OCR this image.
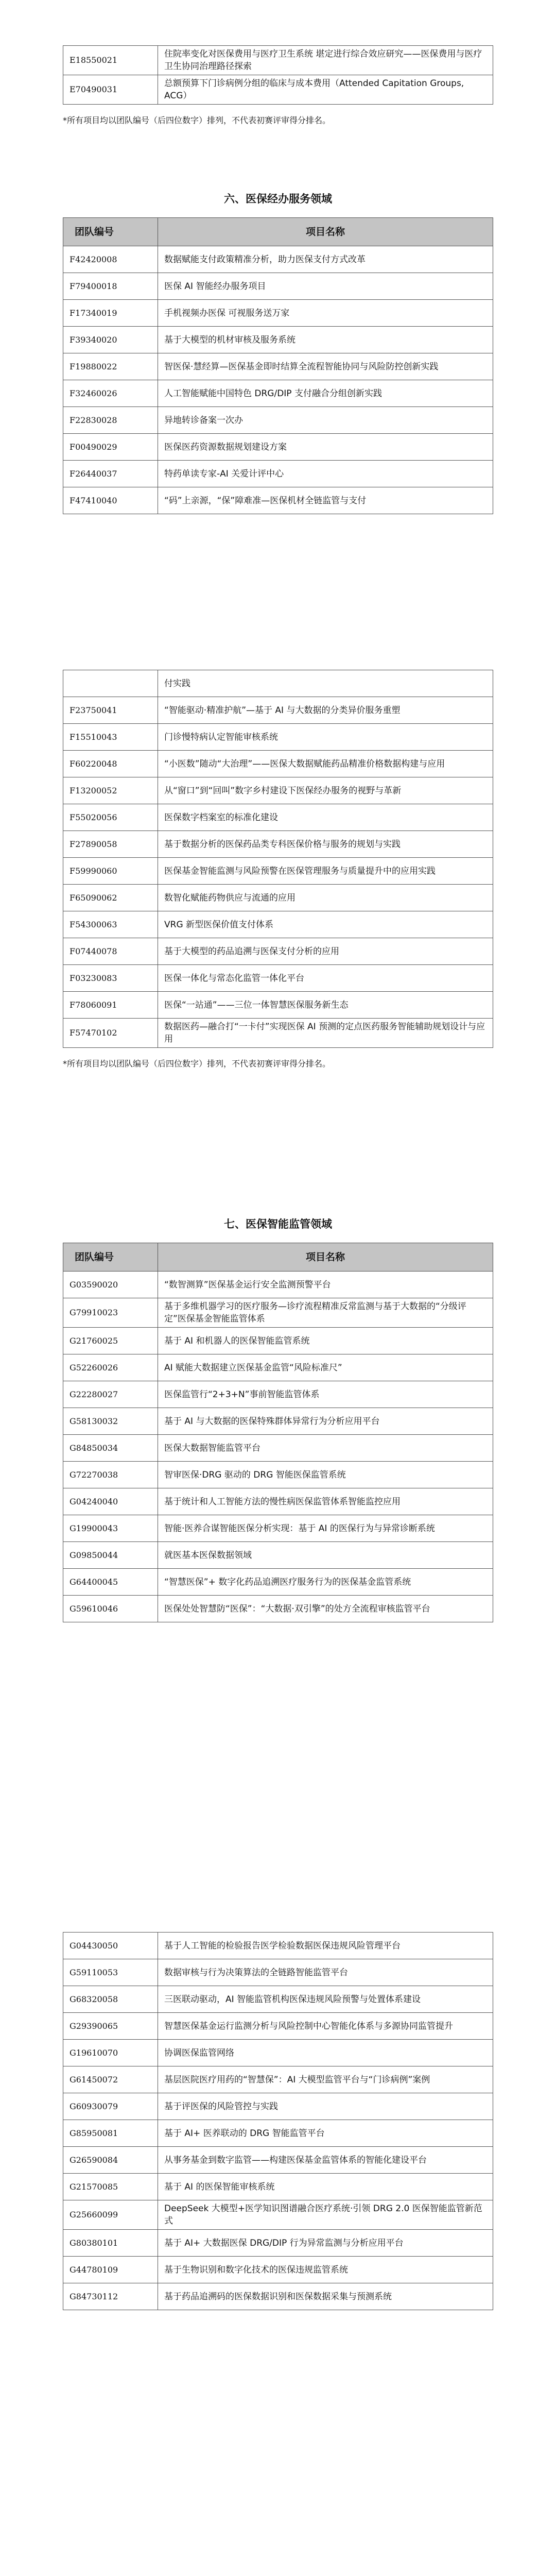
E18550021	住院率变化对医保费用与医疗卫生系统 堪定进行综合效应研究——医保费用与医疗卫生协同治理路径探索
E70490031	总额预算下门诊病例分组的临床与成本费用（Attended Capitation Groups, ACG）
*所有项目均以团队编号（后四位数字）排列，不代表初赛评审得分排名。
六、医保经办服务领域
团队编号	项目名称
F42420008	数据赋能支付政策精准分析，助力医保支付方式改革
F79400018	医保 AI 智能经办服务项目
F17340019	手机视频办医保 可视服务送万家
F39340020	基于大模型的机材审核及服务系统
F19880022	智医保·慧经算—医保基金即时结算全流程智能协同与风险防控创新实践
F32460026	人工智能赋能中国特色 DRG/DIP 支付融合分组创新实践
F22830028	异地转诊备案一次办
F00490029	医保医药资源数据规划建设方案
F26440037	特药单读专家-AI 关爱计评中心
F47410040	“码”上亲源，“保”障难准—医保机材全链监管与支付
	付实践
F23750041	“智能驱动·精准护航”—基于 AI 与大数据的分类异价服务重塑
F15510043	门诊慢特病认定智能审核系统
F60220048	“小医数”随动“大治理”——医保大数据赋能药品精准价格数据构建与应用
F13200052	从“窗口”到“回叫”数字乡村建设下医保经办服务的视野与革新
F55020056	医保数字档案室的标准化建设
F27890058	基于数据分析的医保药品类专科医保价格与服务的规划与实践
F59990060	医保基金智能监测与风险预警在医保管理服务与质量提升中的应用实践
F65090062	数智化赋能药物供应与流通的应用
F54300063	VRG 新型医保价值支付体系
F07440078	基于大模型的药品追溯与医保支付分析的应用
F03230083	医保一体化与常态化监管一体化平台
F78060091	医保“一站通”——三位一体智慧医保服务新生态
F57470102	数据医药—融合打“一卡付”实现医保 AI 预测的定点医药服务智能辅助规划设计与应用
*所有项目均以团队编号（后四位数字）排列，不代表初赛评审得分排名。
七、医保智能监管领域
团队编号	项目名称
G03590020	“数智测算”医保基金运行安全监测预警平台
G79910023	基于多维机器学习的医疗服务—诊疗流程精准反常监测与基于大数据的“分级评定”医保基金智能监管体系
G21760025	基于 AI 和机器人的医保智能监管系统
G52260026	AI 赋能大数据建立医保基金监管“风险标准尺”
G22280027	医保监管行“2+3+N”事前智能监管体系
G58130032	基于 AI 与大数据的医保特殊群体异常行为分析应用平台
G84850034	医保大数据智能监管平台
G72270038	智审医保·DRG 驱动的 DRG 智能医保监管系统
G04240040	基于统计和人工智能方法的慢性病医保监管体系智能监控应用
G19900043	智能·医养合谋智能医保分析实现：基于 AI 的医保行为与异常诊断系统
G09850044	就医基本医保数据领域
G64400045	“智慧医保”+ 数字化药品追溯医疗服务行为的医保基金监管系统
G59610046	医保处处智慧防“医保”：“大数据·双引擎”的处方全流程审核监管平台
G04430050	基于人工智能的检验报告医学检验数据医保违规风险管理平台
G59110053	数据审核与行为决策算法的全链路智能监管平台
G68320058	三医联动驱动，AI 智能监管机构医保违规风险预警与处置体系建设
G29390065	智慧医保基金运行监测分析与风险控制中心智能化体系与多源协同监管提升
G19610070	协调医保监管网络
G61450072	基层医院医疗用药的“智慧保”：AI 大模型监管平台与“门诊病例”案例
G60930079	基于评医保的风险管控与实践
G85950081	基于 AI+ 医养联动的 DRG 智能监管平台
G26590084	从事务基金到数字监管——构建医保基金监管体系的智能化建设平台
G21570085	基于 AI 的医保智能审核系统
G25660099	DeepSeek 大模型+医学知识图谱融合医疗系统·引领 DRG 2.0 医保智能监管新范式
G80380101	基于 AI+ 大数据医保 DRG/DIP 行为异常监测与分析应用平台
G44780109	基于生物识别和数字化技术的医保违规监管系统
G84730112	基于药品追溯码的医保数据识别和医保数据采集与预测系统
